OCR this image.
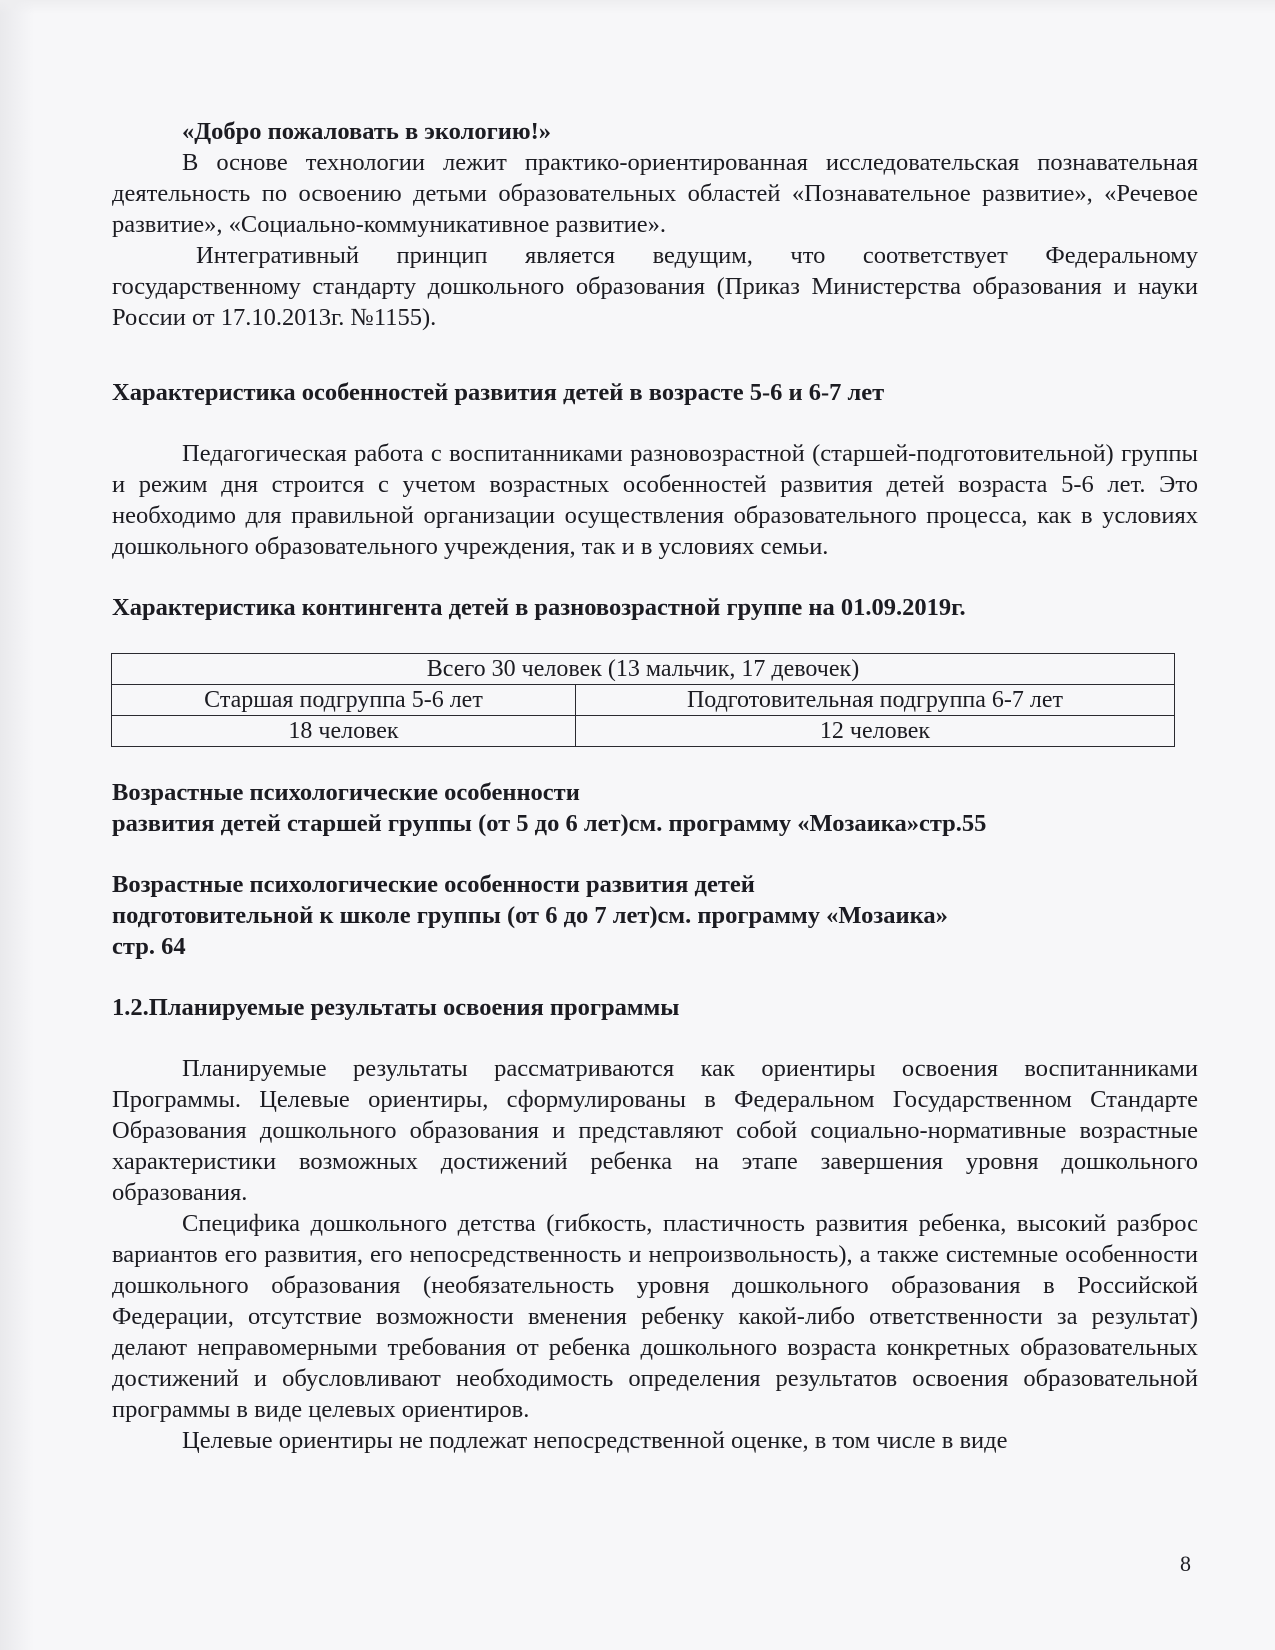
«Добро пожаловать в экологию!»

В основе технологии лежит практико-ориентированная исследовательская познавательная деятельность по освоению детьми образовательных областей «Познавательное развитие», «Речевое развитие», «Социально-коммуникативное развитие».

Интегративный принцип является ведущим, что соответствует Федеральному государственному стандарту дошкольного образования (Приказ Министерства образования и науки России от 17.10.2013г. №1155).

Характеристика особенностей развития детей в возрасте 5-6 и 6-7 лет

Педагогическая работа с воспитанниками разновозрастной (старшей-подготовительной) группы и режим дня строится с учетом возрастных особенностей развития детей возраста 5-6 лет. Это необходимо для правильной организации осуществления образовательного процесса, как в условиях дошкольного образовательного учреждения, так и в условиях семьи.

Характеристика контингента детей в разновозрастной группе на 01.09.2019г.

Всего 30 человек (13 мальчик, 17 девочек)	
Старшая подгруппа 5-6 лет	Подготовительная подгруппа 6-7 лет
18 человек	12 человек

Возрастные психологические особенности

развития детей старшей группы (от 5 до 6 лет)см. программу «Мозаика»стр.55

Возрастные психологические особенности развития детей

подготовительной к школе группы (от 6 до 7 лет)см. программу «Мозаика»

стр. 64

1.2.Планируемые результаты освоения программы

Планируемые результаты рассматриваются как ориентиры освоения воспитанниками Программы. Целевые ориентиры, сформулированы в Федеральном Государственном Стандарте Образования дошкольного образования и представляют собой социально-нормативные возрастные характеристики возможных достижений ребенка на этапе завершения уровня дошкольного образования.

Специфика дошкольного детства (гибкость, пластичность развития ребенка, высокий разброс вариантов его развития, его непосредственность и непроизвольность), а также системные особенности дошкольного образования (необязательность уровня дошкольного образования в Российской Федерации, отсутствие возможности вменения ребенку какой-либо ответственности за результат) делают неправомерными требования от ребенка дошкольного возраста конкретных образовательных достижений и обусловливают необходимость определения результатов освоения образовательной программы в виде целевых ориентиров.

Целевые ориентиры не подлежат непосредственной оценке, в том числе в виде

8
